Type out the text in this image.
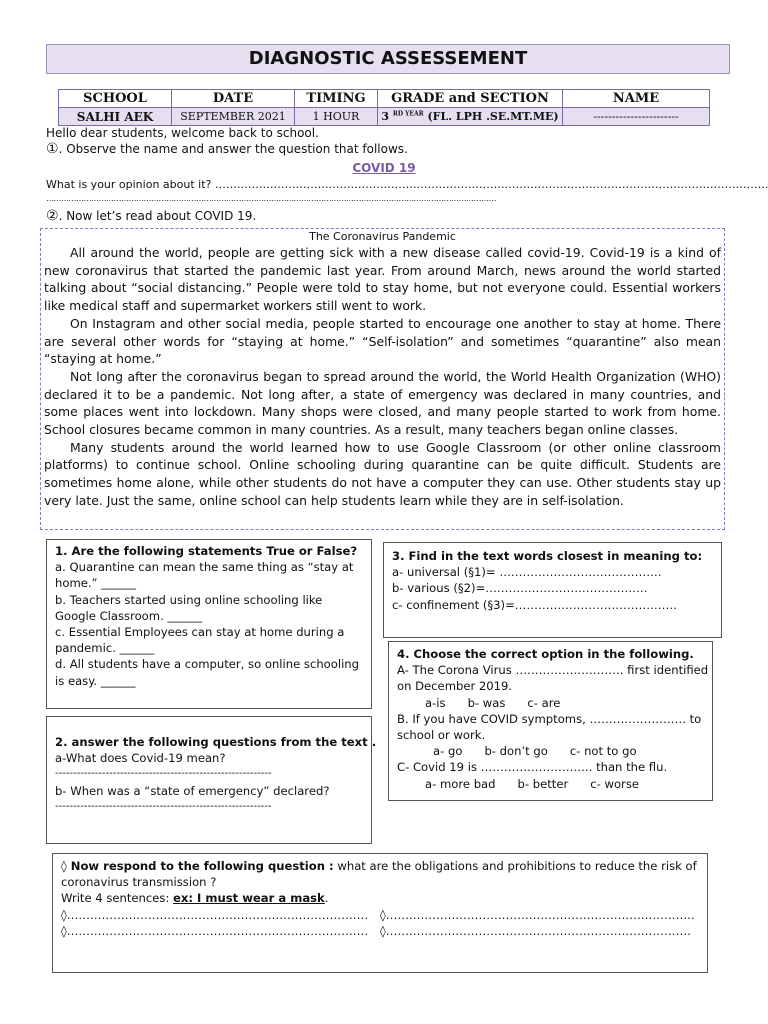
DIAGNOSTIC ASSESSEMENT
SCHOOL	DATE	TIMING	GRADE and SECTION	NAME
SALHI AEK	SEPTEMBER 2021	1 HOUR	3 $^{RD YEAR}$ (FL. LPH .SE.MT.ME)	-----------------------
Hello dear students, welcome back to school.
①. Observe the name and answer the question that follows.
COVID 19
What is your opinion about it? …………………………………………………………………………………………………………………………………….
………………………………………………………………………………………………………………………………………………………………
②. Now let’s read about COVID 19.
The Coronavirus Pandemic

All around the world, people are getting sick with a new disease called covid-19. Covid-19 is a kind of new coronavirus that started the pandemic last year. From around March, news around the world started talking about “social distancing.” People were told to stay home, but not everyone could. Essential workers like medical staff and supermarket workers still went to work.

On Instagram and other social media, people started to encourage one another to stay at home. There are several other words for “staying at home.” “Self-isolation” and sometimes “quarantine” also mean “staying at home.”

Not long after the coronavirus began to spread around the world, the World Health Organization (WHO) declared it to be a pandemic. Not long after, a state of emergency was declared in many countries, and some places went into lockdown. Many shops were closed, and many people started to work from home. School closures became common in many countries. As a result, many teachers began online classes.

Many students around the world learned how to use Google Classroom (or other online classroom platforms) to continue school. Online schooling during quarantine can be quite difficult. Students are sometimes home alone, while other students do not have a computer they can use. Other students stay up very late. Just the same, online school can help students learn while they are in self-isolation.

1. Are the following statements True or False?
a. Quarantine can mean the same thing as “stay at
home.” ______
b. Teachers started using online schooling like
Google Classroom. ______
c. Essential Employees can stay at home during a
pandemic. ______
d. All students have a computer, so online schooling
is easy. ______
2. answer the following questions from the text .
a-What does Covid-19 mean?
------------------------------------------------------------
b- When was a “state of emergency” declared?
------------------------------------------------------------
3. Find in the text words closest in meaning to:
a- universal (§1)= ……………………………………
b- various (§2)=……………………………………
c- confinement (§3)=……………………………………
4. Choose the correct option in the following.
A- The Corona Virus ………………………. first identified
on December 2019.
a-is b- was c- are
B. If you have COVID symptoms, ……………………. to
school or work.
a- go b- don’t go c- not to go
C- Covid 19 is ……………………….. than the flu.
a- more bad b- better c- worse
◊ Now respond to the following question : what are the obligations and prohibitions to reduce the risk of
coronavirus transmission ?
Write 4 sentences: ex: I must wear a mask.
◊……………………………………………………………………	◊……………………………………………………………………..
◊……………………………………………………………………	◊…………………………………………………………………….
